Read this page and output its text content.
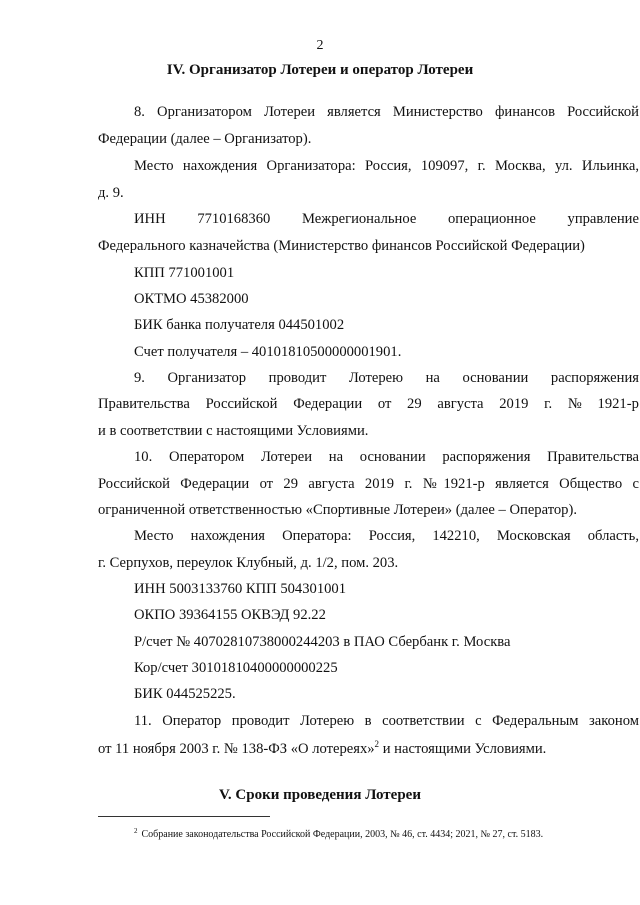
2
IV. Организатор Лотереи и оператор Лотереи
8. Организатором Лотереи является Министерство финансов Российской
Федерации (далее – Организатор).
Место нахождения Организатора: Россия, 109097, г. Москва, ул. Ильинка,
д. 9.
ИНН 7710168360 Межрегиональное операционное управление
Федерального казначейства (Министерство финансов Российской Федерации)
КПП 771001001
ОКТМО 45382000
БИК банка получателя 044501002
Счет получателя – 40101810500000001901.
9. Организатор проводит Лотерею на основании распоряжения
Правительства Российской Федерации от 29 августа 2019 г. № 1921-р
и в соответствии с настоящими Условиями.
10. Оператором Лотереи на основании распоряжения Правительства
Российской Федерации от 29 августа 2019 г. №1921-р является Общество с
ограниченной ответственностью «Спортивные Лотереи» (далее – Оператор).
Место нахождения Оператора: Россия, 142210, Московская область,
г. Серпухов, переулок Клубный, д. 1/2, пом. 203.
ИНН 5003133760 КПП 504301001
ОКПО 39364155 ОКВЭД 92.22
Р/счет № 40702810738000244203 в ПАО Сбербанк г. Москва
Кор/счет 30101810400000000225
БИК 044525225.
11. Оператор проводит Лотерею в соответствии с Федеральным законом
от 11 ноября 2003 г. № 138-ФЗ «О лотереях»$^2$ и настоящими Условиями.
V. Сроки проведения Лотереи
$^2$ Собрание законодательства Российской Федерации, 2003, № 46, ст. 4434; 2021, № 27, ст. 5183.
